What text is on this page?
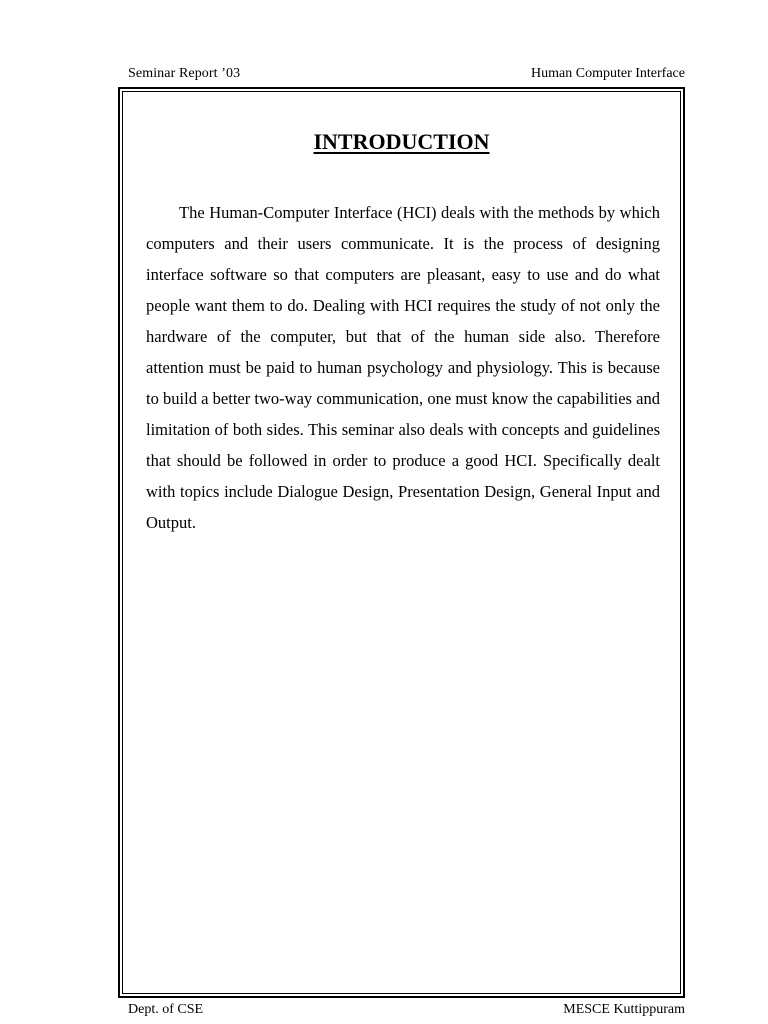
Seminar Report ’03	Human Computer Interface
INTRODUCTION

The Human-Computer Interface (HCI) deals with the methods by which computers and their users communicate. It is the process of designing interface software so that computers are pleasant, easy to use and do what people want them to do. Dealing with HCI requires the study of not only the hardware of the computer, but that of the human side also. Therefore attention must be paid to human psychology and physiology. This is because to build a better two-way communication, one must know the capabilities and limitation of both sides. This seminar also deals with concepts and guidelines that should be followed in order to produce a good HCI. Specifically dealt with topics include Dialogue Design, Presentation Design, General Input and Output.

Dept. of CSE	MESCE Kuttippuram
